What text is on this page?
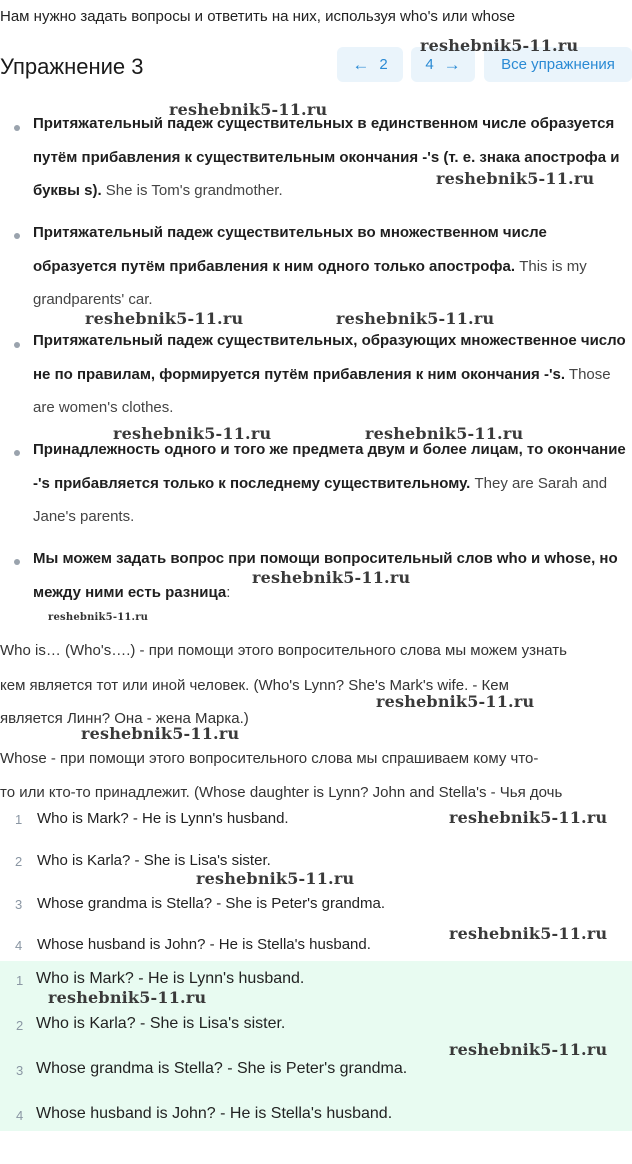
Нам нужно задать вопросы и ответить на них, используя who's или whose
Упражнение 3	← 2	4 →	Все упражнения
Притяжательный падеж существительных в единственном числе образуется путём прибавления к существительным окончания -'s (т. е. знака апострофа и буквы s). She is Tom's grandmother.
Притяжательный падеж существительных во множественном числе образуется путём прибавления к ним одного только апострофа. This is my grandparents' car.
Притяжательный падеж существительных, образующих множественное число не по правилам, формируется путём прибавления к ним окончания -'s. Those are women's clothes.
Принадлежность одного и того же предмета двум и более лицам, то окончание -'s прибавляется только к последнему существительному. They are Sarah and Jane's parents.
Мы можем задать вопрос при помощи вопросительный слов who и whose, но между ними есть разница:
Who is… (Who's….) - при помощи этого вопросительного слова мы можем узнать
кем является тот или иной человек. (Who's Lynn? She's Mark's wife. - Кем
является Линн? Она - жена Марка.)
Whose - при помощи этого вопросительного слова мы спрашиваем кому что-
то или кто-то принадлежит. (Whose daughter is Lynn? John and Stella's - Чья дочь
1 Who is Mark? - He is Lynn's husband.
2 Who is Karla? - She is Lisa's sister.
3 Whose grandma is Stella? - She is Peter's grandma.
4 Whose husband is John? - He is Stella's husband.
1 Who is Mark? - He is Lynn's husband.
2 Who is Karla? - She is Lisa's sister.
3 Whose grandma is Stella? - She is Peter's grandma.
4 Whose husband is John? - He is Stella's husband.
reshebnik5-11.ru
reshebnik5-11.ru
reshebnik5-11.ru
reshebnik5-11.ru	reshebnik5-11.ru
reshebnik5-11.ru	reshebnik5-11.ru
reshebnik5-11.ru
reshebnik5-11.ru
reshebnik5-11.ru
reshebnik5-11.ru
reshebnik5-11.ru
reshebnik5-11.ru
reshebnik5-11.ru
reshebnik5-11.ru
reshebnik5-11.ru
